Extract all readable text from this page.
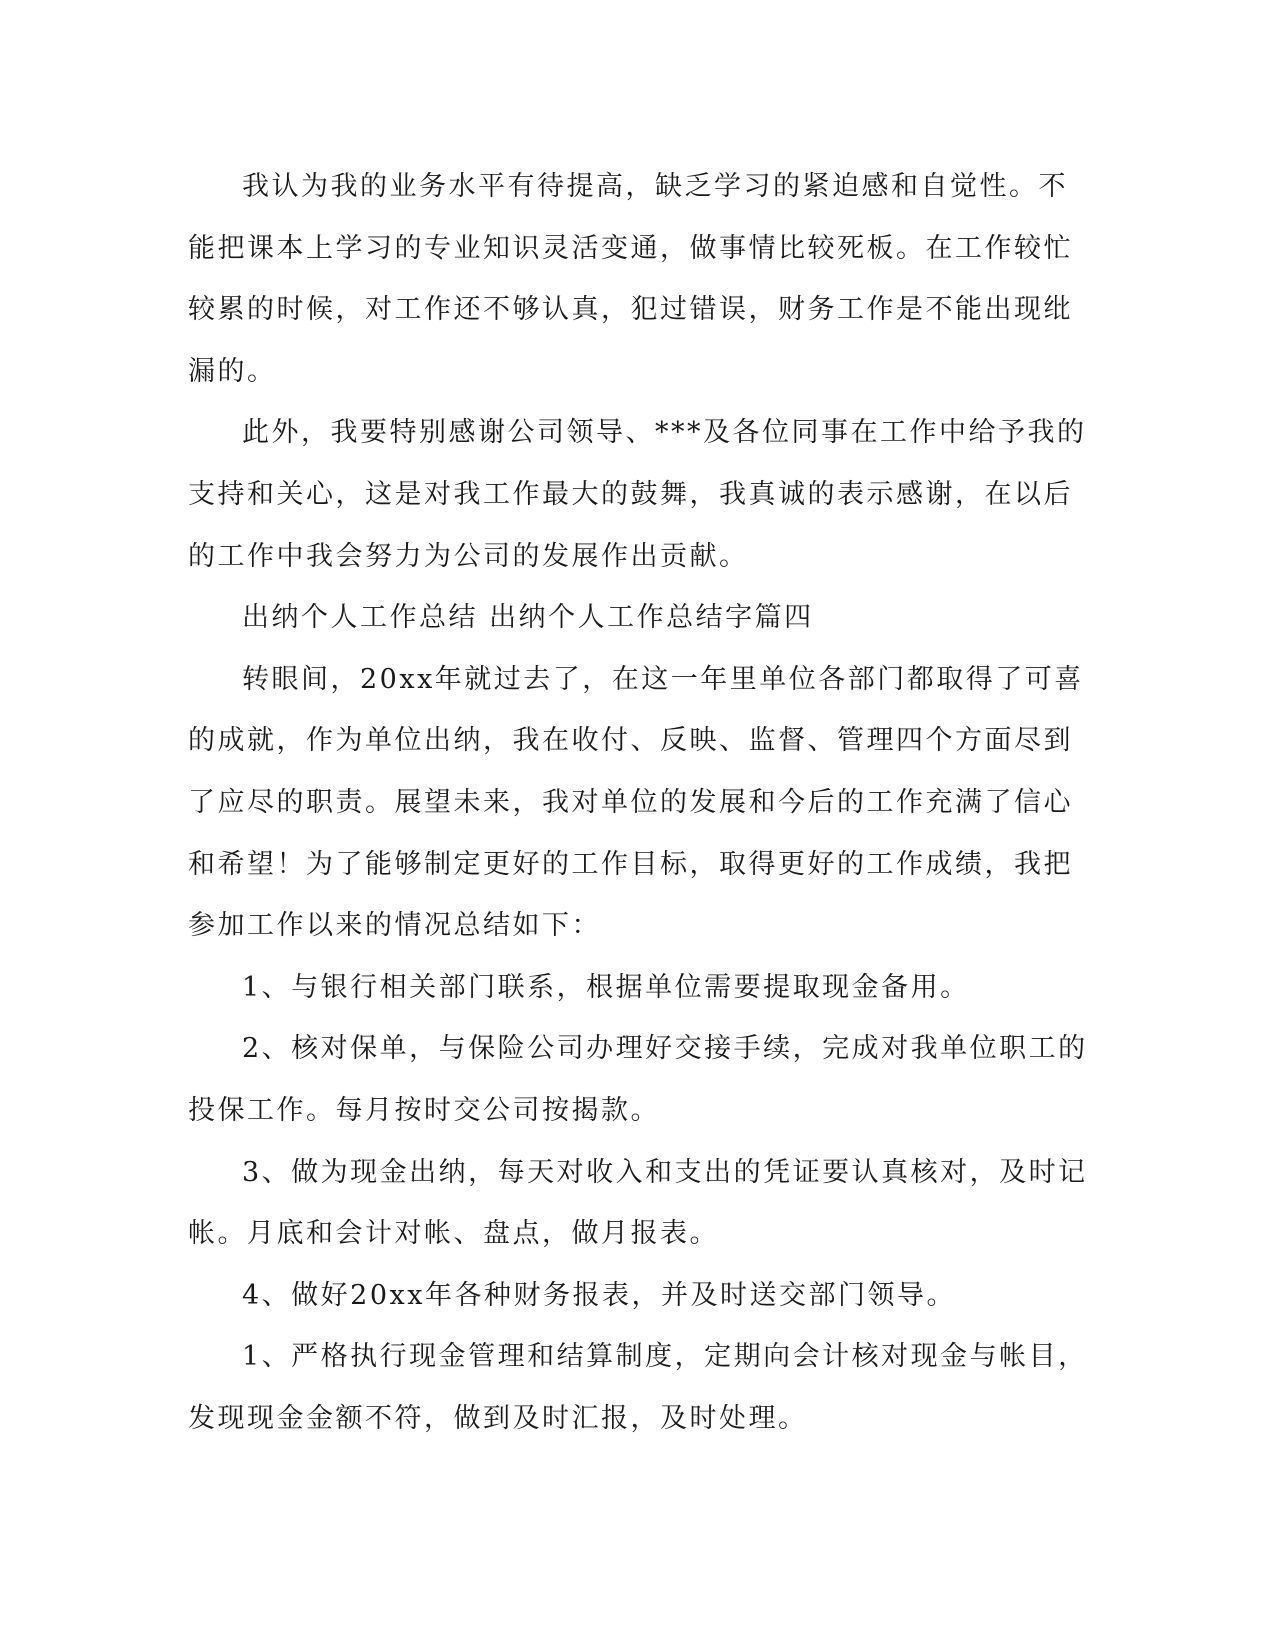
我认为我的业务水平有待提高，缺乏学习的紧迫感和自觉性。不能把课本上学习的专业知识灵活变通，做事情比较死板。在工作较忙较累的时候，对工作还不够认真，犯过错误，财务工作是不能出现纰漏的。

此外，我要特别感谢公司领导、***及各位同事在工作中给予我的支持和关心，这是对我工作最大的鼓舞，我真诚的表示感谢，在以后的工作中我会努力为公司的发展作出贡献。

出纳个人工作总结 出纳个人工作总结字篇四

转眼间，20xx年就过去了，在这一年里单位各部门都取得了可喜的成就，作为单位出纳，我在收付、反映、监督、管理四个方面尽到了应尽的职责。展望未来，我对单位的发展和今后的工作充满了信心和希望！为了能够制定更好的工作目标，取得更好的工作成绩，我把参加工作以来的情况总结如下：

1、与银行相关部门联系，根据单位需要提取现金备用。

2、核对保单，与保险公司办理好交接手续，完成对我单位职工的投保工作。每月按时交公司按揭款。

3、做为现金出纳，每天对收入和支出的凭证要认真核对，及时记帐。月底和会计对帐、盘点，做月报表。

4、做好20xx年各种财务报表，并及时送交部门领导。

1、严格执行现金管理和结算制度，定期向会计核对现金与帐目，发现现金金额不符，做到及时汇报，及时处理。
